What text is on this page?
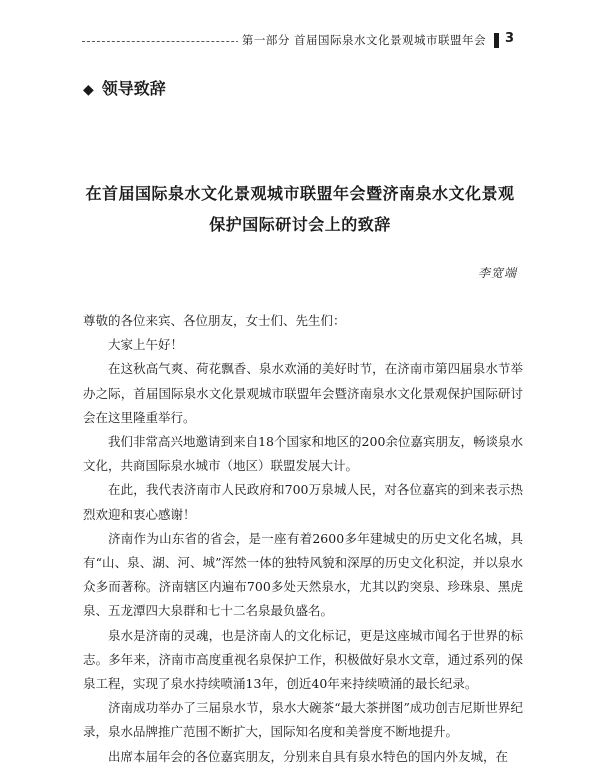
第一部分 首届国际泉水文化景观城市联盟年会 3
◆ 领导致辞
在首届国际泉水文化景观城市联盟年会暨济南泉水文化景观
保护国际研讨会上的致辞
李宽端

尊敬的各位来宾、各位朋友，女士们、先生们：

大家上午好！

在这秋高气爽、荷花飘香、泉水欢涌的美好时节，在济南市第四届泉水节举办之际，首届国际泉水文化景观城市联盟年会暨济南泉水文化景观保护国际研讨会在这里隆重举行。

我们非常高兴地邀请到来自18个国家和地区的200余位嘉宾朋友，畅谈泉水文化，共商国际泉水城市（地区）联盟发展大计。

在此，我代表济南市人民政府和700万泉城人民，对各位嘉宾的到来表示热烈欢迎和衷心感谢！

济南作为山东省的省会，是一座有着2600多年建城史的历史文化名城，具有“山、泉、湖、河、城”浑然一体的独特风貌和深厚的历史文化积淀，并以泉水众多而著称。济南辖区内遍布700多处天然泉水，尤其以趵突泉、珍珠泉、黑虎泉、五龙潭四大泉群和七十二名泉最负盛名。

泉水是济南的灵魂，也是济南人的文化标记，更是这座城市闻名于世界的标志。多年来，济南市高度重视名泉保护工作，积极做好泉水文章，通过系列的保泉工程，实现了泉水持续喷涌13年，创近40年来持续喷涌的最长纪录。

济南成功举办了三届泉水节，泉水大碗茶“最大茶拼图”成功创吉尼斯世界纪录，泉水品牌推广范围不断扩大，国际知名度和美誉度不断地提升。

出席本届年会的各位嘉宾朋友，分别来自具有泉水特色的国内外友城，在
